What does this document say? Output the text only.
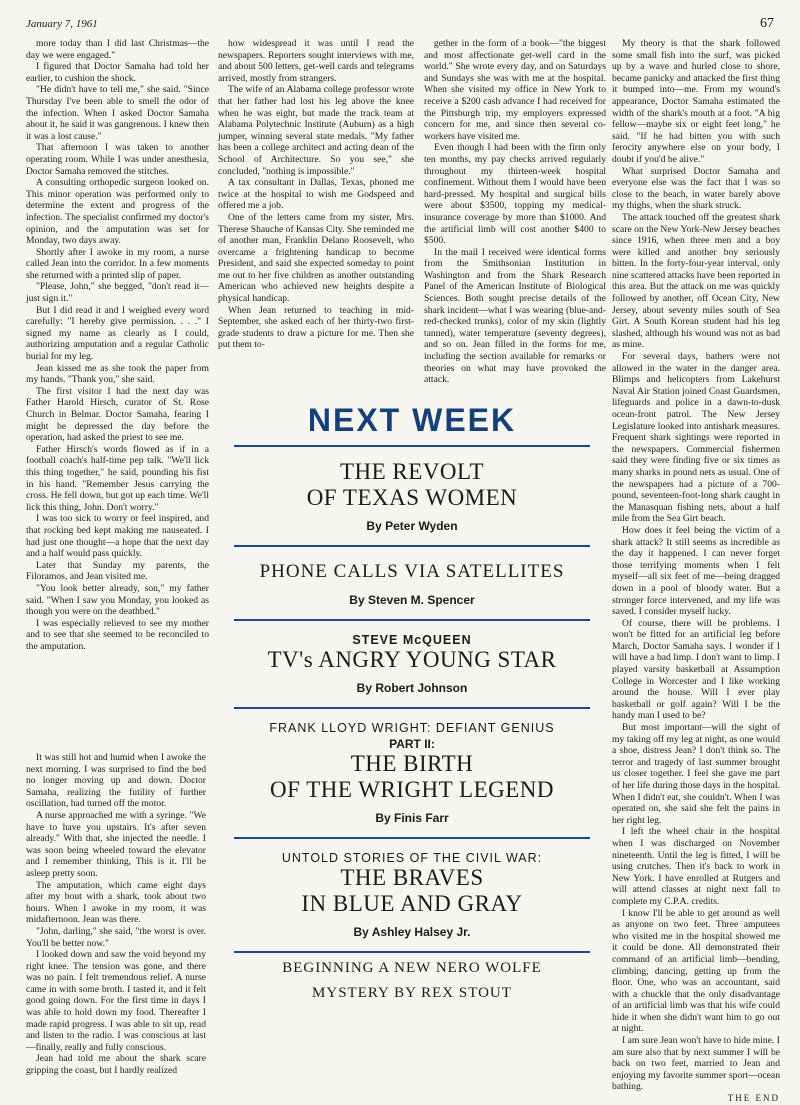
January 7, 1961	67

more today than I did last Christmas—the day we were engaged."

I figured that Doctor Samaha had told her earlier, to cushion the shock.

"He didn't have to tell me," she said. "Since Thursday I've been able to smell the odor of the infection. When I asked Doctor Samaha about it, he said it was gangrenous. I knew then it was a lost cause."

That afternoon I was taken to another operating room. While I was under anesthesia, Doctor Samaha removed the stitches.

A consulting orthopedic surgeon looked on. This minor operation was performed only to determine the extent and progress of the infection. The specialist confirmed my doctor's opinion, and the amputation was set for Monday, two days away.

Shortly after I awoke in my room, a nurse called Jean into the corridor. In a few moments she returned with a printed slip of paper.

"Please, John," she begged, "don't read it—just sign it."

But I did read it and I weighed every word carefully: "I hereby give permission. . . ." I signed my name as clearly as I could, authorizing amputation and a regular Catholic burial for my leg.

Jean kissed me as she took the paper from my hands. "Thank you," she said.

The first visitor I had the next day was Father Harold Hirsch, curator of St. Rose Church in Belmar. Doctor Samaha, fearing I might be depressed the day before the operation, had asked the priest to see me.

Father Hirsch's words flowed as if in a football coach's half-time pep talk. "We'll lick this thing together," he said, pounding his fist in his hand. "Remember Jesus carrying the cross. He fell down, but got up each time. We'll lick this thing, John. Don't worry."

I was too sick to worry or feel inspired, and that rocking bed kept making me nauseated. I had just one thought—a hope that the next day and a half would pass quickly.

Later that Sunday my parents, the Filoramos, and Jean visited me.

"You look better already, son," my father said. "When I saw you Monday, you looked as though you were on the deathbed."

I was especially relieved to see my mother and to see that she seemed to be reconciled to the amputation.

how widespread it was until I read the newspapers. Reporters sought interviews with me, and about 500 letters, get-well cards and telegrams arrived, mostly from strangers.

The wife of an Alabama college professor wrote that her father had lost his leg above the knee when he was eight, but made the track team at Alabama Polytechnic Institute (Auburn) as a high jumper, winning several state medals. "My father has been a college architect and acting dean of the School of Architecture. So you see," she concluded, "nothing is impossible."

A tax consultant in Dallas, Texas, phoned me twice at the hospital to wish me Godspeed and offered me a job.

One of the letters came from my sister, Mrs. Therese Shauche of Kansas City. She reminded me of another man, Franklin Delano Roosevelt, who overcame a frightening handicap to become President, and said she expected someday to point me out to her five children as another outstanding American who achieved new heights despite a physical handicap.

When Jean returned to teaching in mid-September, she asked each of her thirty-two first-grade students to draw a picture for me. Then she put them to-

gether in the form of a book—"the biggest and most affectionate get-well card in the world." She wrote every day, and on Saturdays and Sundays she was with me at the hospital. When she visited my office in New York to receive a $200 cash advance I had received for the Pittsburgh trip, my employers expressed concern for me, and since then several co-workers have visited me.

Even though I had been with the firm only ten months, my pay checks arrived regularly throughout my thirteen-week hospital confinement. Without them I would have been hard-pressed. My hospital and surgical bills were about $3500, topping my medical-insurance coverage by more than $1000. And the artificial limb will cost another $400 to $500.

In the mail I received were identical forms from the Smithsonian Institution in Washington and from the Shark Research Panel of the American Institute of Biological Sciences. Both sought precise details of the shark incident—what I was wearing (blue-and-red-checked trunks), color of my skin (lightly tanned), water temperature (seventy degrees), and so on. Jean filled in the forms for me, including the section available for remarks or theories on what may have provoked the attack.

It was still hot and humid when I awoke the next morning. I was surprised to find the bed no longer moving up and down. Doctor Samaha, realizing the futility of further oscillation, had turned off the motor.

A nurse approached me with a syringe. "We have to have you upstairs. It's after seven already." With that, she injected the needle. I was soon being wheeled toward the elevator and I remember thinking, This is it. I'll be asleep pretty soon.

The amputation, which came eight days after my bout with a shark, took about two hours. When I awoke in my room, it was midafternoon. Jean was there.

"John, darling," she said, "the worst is over. You'll be better now."

I looked down and saw the void beyond my right knee. The tension was gone, and there was no pain. I felt tremendous relief. A nurse came in with some broth. I tasted it, and it felt good going down. For the first time in days I was able to hold down my food. Thereafter I made rapid progress. I was able to sit up, read and listen to the radio. I was conscious at last—finally, really and fully conscious.

Jean had told me about the shark scare gripping the coast, but I hardly realized

My theory is that the shark followed some small fish into the surf, was picked up by a wave and hurled close to shore, became panicky and attacked the first thing it bumped into—me. From my wound's appearance, Doctor Samaha estimated the width of the shark's mouth at a foot. "A big fellow—maybe six or eight feet long," he said. "If he had bitten you with such ferocity anywhere else on your body, I doubt if you'd be alive."

What surprised Doctor Samaha and everyone else was the fact that I was so close to the beach, in water barely above my thighs, when the shark struck.

The attack touched off the greatest shark scare on the New York-New Jersey beaches since 1916, when three men and a boy were killed and another boy seriously bitten. In the forty-four-year interval, only nine scattered attacks have been reported in this area. But the attack on me was quickly followed by another, off Ocean City, New Jersey, about seventy miles south of Sea Girt. A South Korean student had his leg slashed, although his wound was not as bad as mine.

For several days, bathers were not allowed in the water in the danger area. Blimps and helicopters from Lakehurst Naval Air Station joined Coast Guardsmen, lifeguards and police in a dawn-to-dusk ocean-front patrol. The New Jersey Legislature looked into antishark measures. Frequent shark sightings were reported in the newspapers. Commercial fishermen said they were finding five or six times as many sharks in pound nets as usual. One of the newspapers had a picture of a 700-pound, seventeen-foot-long shark caught in the Manasquan fishing nets, about a half mile from the Sea Girt beach.

How does it feel being the victim of a shark attack? It still seems as incredible as the day it happened. I can never forget those terrifying moments when I felt myself—all six feet of me—being dragged down in a pool of bloody water. But a stronger force intervened, and my life was saved. I consider myself lucky.

Of course, there will be problems. I won't be fitted for an artificial leg before March, Doctor Samaha says. I wonder if I will have a bad limp. I don't want to limp. I played varsity basketball at Assumption College in Worcester and I like working around the house. Will I ever play basketball or golf again? Will I be the handy man I used to be?

But most important—will the sight of my taking off my leg at night, as one would a shoe, distress Jean? I don't think so. The terror and tragedy of last summer brought us closer together. I feel she gave me part of her life during those days in the hospital. When I didn't eat, she couldn't. When I was operated on, she said she felt the pains in her right leg.

I left the wheel chair in the hospital when I was discharged on November nineteenth. Until the leg is fitted, I will be using crutches. Then it's back to work in New York. I have enrolled at Rutgers and will attend classes at night next fall to complete my C.P.A. credits.

I know I'll be able to get around as well as anyone on two feet. Three amputees who visited me in the hospital showed me it could be done. All demonstrated their command of an artificial limb—bending, climbing, dancing, getting up from the floor. One, who was an accountant, said with a chuckle that the only disadvantage of an artificial limb was that his wife could hide it when she didn't want him to go out at night.

I am sure Jean won't have to hide mine. I am sure also that by next summer I will be back on two feet, married to Jean and enjoying my favorite summer sport—ocean bathing.

THE END
NEXT WEEK
THE REVOLT
OF TEXAS WOMEN
By Peter Wyden
PHONE CALLS VIA SATELLITES
By Steven M. Spencer
STEVE McQUEEN
TV's ANGRY YOUNG STAR
By Robert Johnson
FRANK LLOYD WRIGHT: DEFIANT GENIUS
PART II:
THE BIRTH
OF THE WRIGHT LEGEND
By Finis Farr
UNTOLD STORIES OF THE CIVIL WAR:
THE BRAVES
IN BLUE AND GRAY
By Ashley Halsey Jr.
BEGINNING A NEW NERO WOLFE
MYSTERY BY REX STOUT
